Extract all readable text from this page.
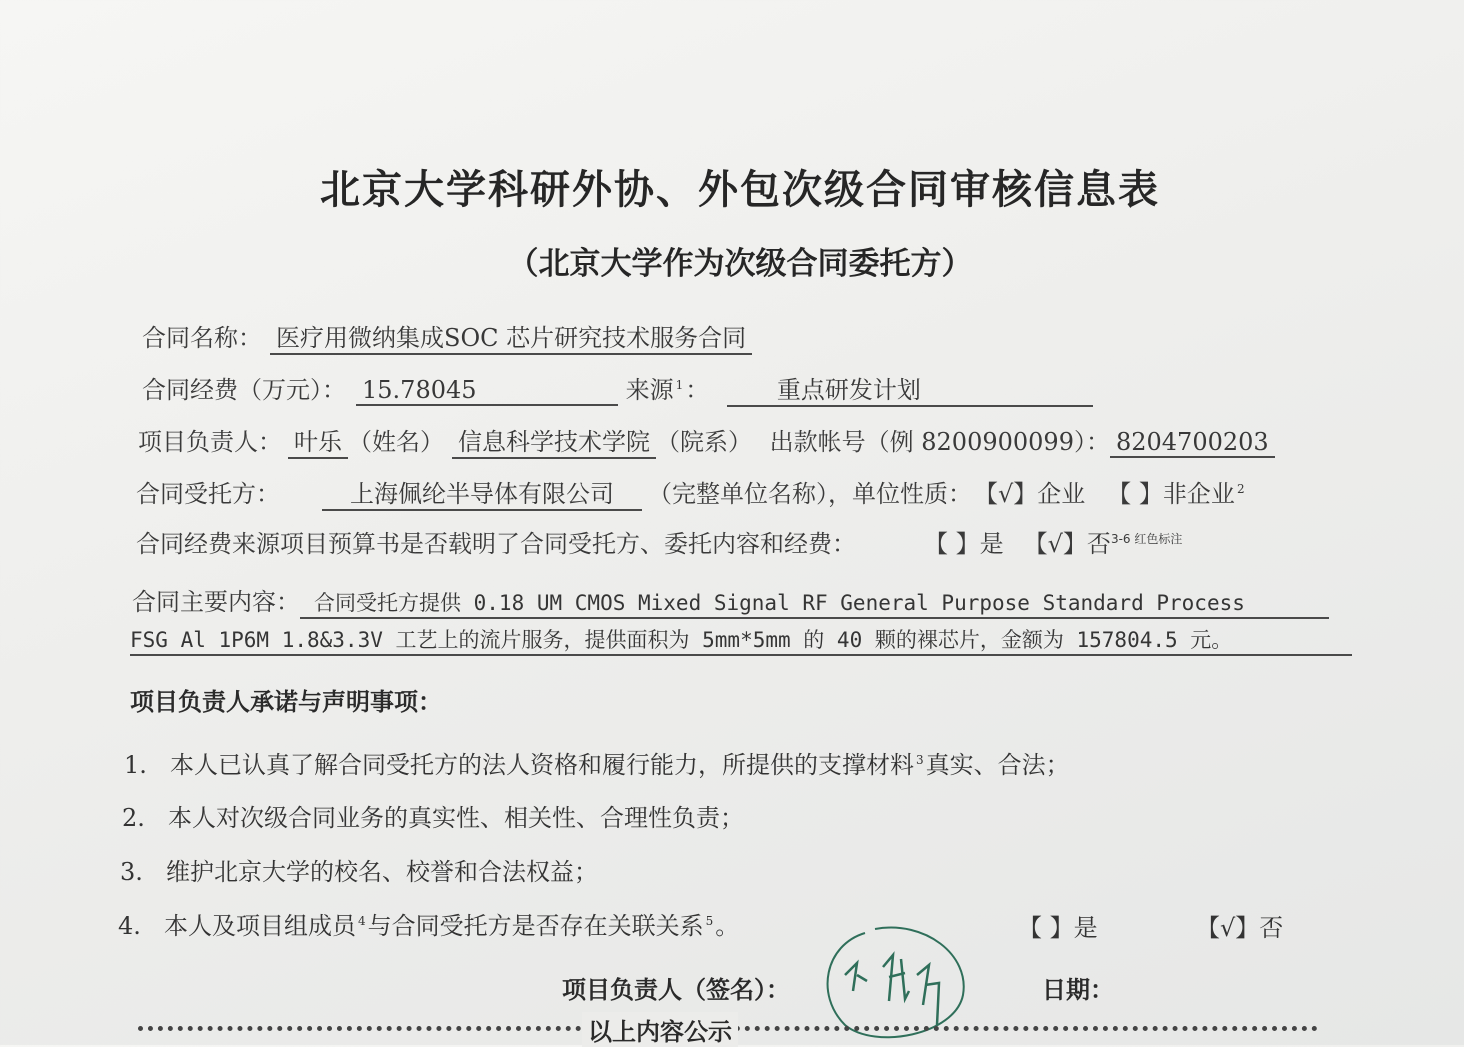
北京大学科研外协、外包次级合同审核信息表
（北京大学作为次级合同委托方）
合同名称： 医疗用微纳集成SOC 芯片研究技术服务合同
合同经费（万元）： 15.78045	来源 $^1$：	重点研发计划
项目负责人： 叶乐 （姓名） 信息科学技术学院 （院系） 出款帐号（例 8200900099）： 8204700203
合同受托方：	上海佩纶半导体有限公司 （完整单位名称），单位性质： 【√】企业 【 】非企业 $^2$
合同经费来源项目预算书是否载明了合同受托方、委托内容和经费：	【 】是 【√】否$^{3-6 红色标注}$
合同主要内容： 合同受托方提供 0.18 UM CMOS Mixed Signal RF General Purpose Standard Process
FSG Al 1P6M 1.8&3.3V 工艺上的流片服务，提供面积为 5mm*5mm 的 40 颗的裸芯片，金额为 157804.5 元。
项目负责人承诺与声明事项：
1. 本人已认真了解合同受托方的法人资格和履行能力，所提供的支撑材料 $^3$真实、合法；
2. 本人对次级合同业务的真实性、相关性、合理性负责；
3. 维护北京大学的校名、校誉和合法权益；
4. 本人及项目组成员 $^4$与合同受托方是否存在关联关系 $^5$。	【 】是	【√】否
项目负责人（签名）：	日期：
以上内容公示
